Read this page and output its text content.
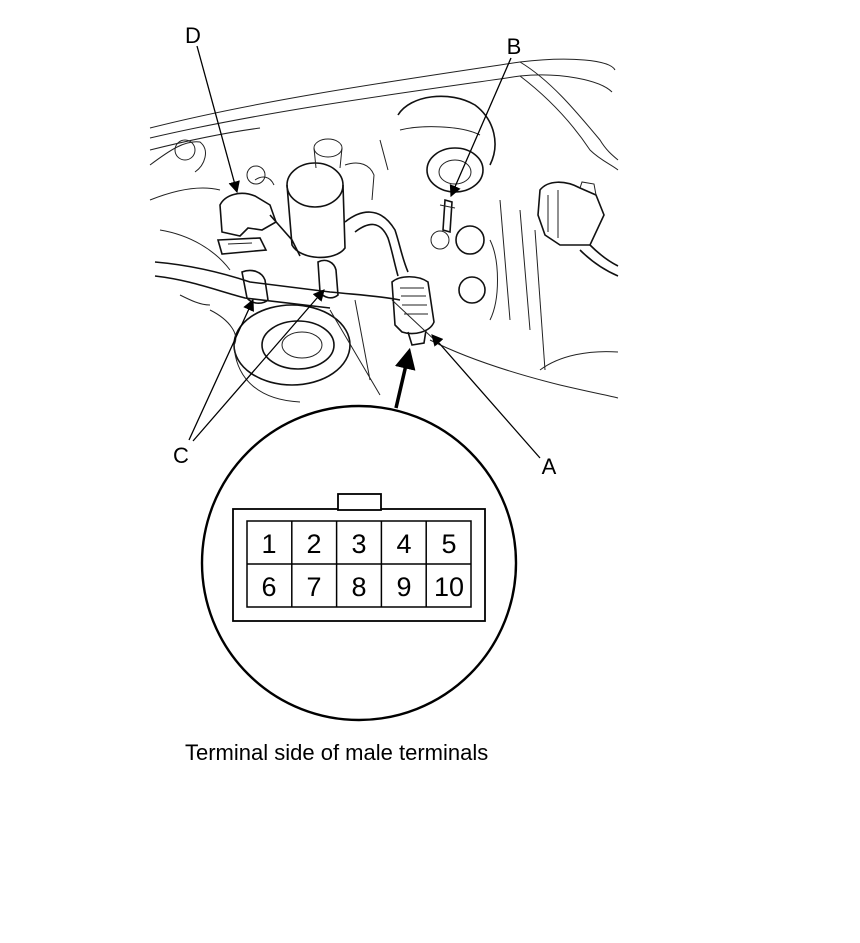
D	B
C	A
1 2 3 4 5
6 7 8 9 10
Terminal side of male terminals
